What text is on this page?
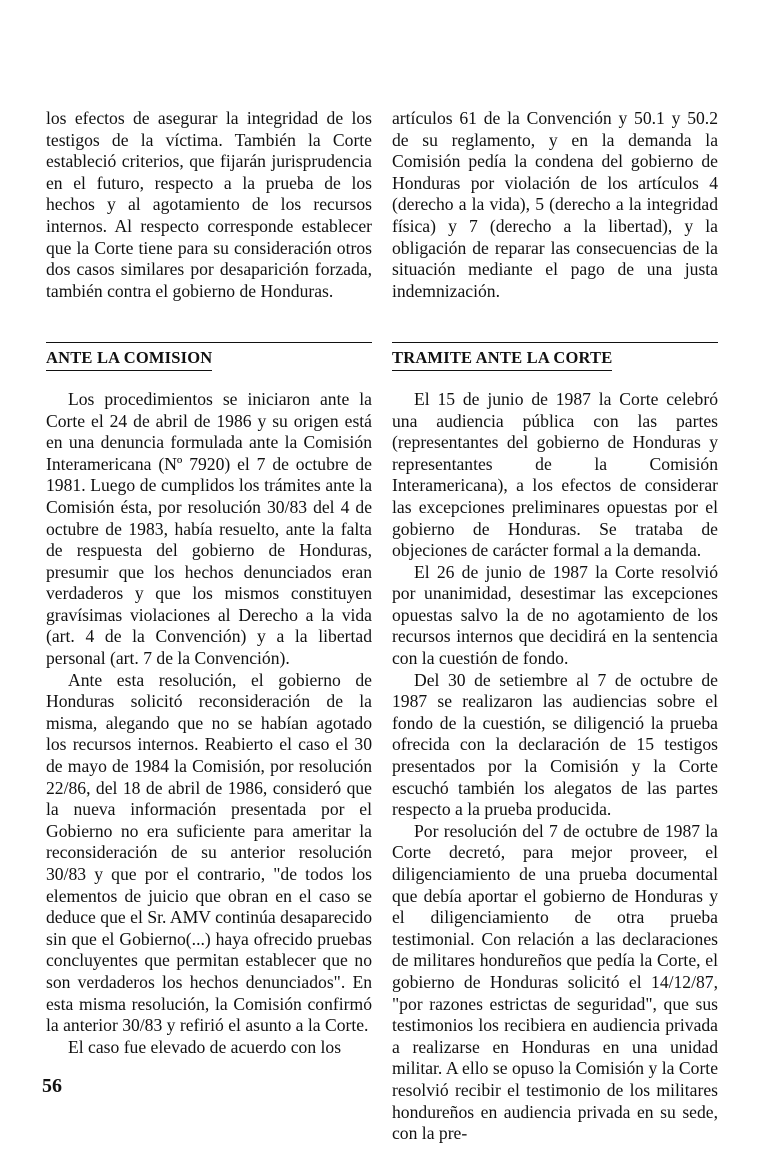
los efectos de asegurar la integridad de los testigos de la víctima. También la Corte estableció criterios, que fijarán jurisprudencia en el futuro, respecto a la prueba de los hechos y al agotamiento de los recursos internos. Al respecto corresponde establecer que la Corte tiene para su consideración otros dos casos similares por desaparición forzada, también contra el gobierno de Honduras.

ANTE LA COMISION

Los procedimientos se iniciaron ante la Corte el 24 de abril de 1986 y su origen está en una denuncia formulada ante la Comisión Interamericana (Nº 7920) el 7 de octubre de 1981. Luego de cumplidos los trámites ante la Comisión ésta, por resolución 30/83 del 4 de octubre de 1983, había resuelto, ante la falta de respuesta del gobierno de Honduras, presumir que los hechos denunciados eran verdaderos y que los mismos constituyen gravísimas violaciones al Derecho a la vida (art. 4 de la Convención) y a la libertad personal (art. 7 de la Convención).

Ante esta resolución, el gobierno de Honduras solicitó reconsideración de la misma, alegando que no se habían agotado los recursos internos. Reabierto el caso el 30 de mayo de 1984 la Comisión, por resolución 22/86, del 18 de abril de 1986, consideró que la nueva información presentada por el Gobierno no era suficiente para ameritar la reconsideración de su anterior resolución 30/83 y que por el contrario, "de todos los elementos de juicio que obran en el caso se deduce que el Sr. AMV continúa desaparecido sin que el Gobierno(...) haya ofrecido pruebas concluyentes que permitan establecer que no son verdaderos los hechos denunciados". En esta misma resolución, la Comisión confirmó la anterior 30/83 y refirió el asunto a la Corte.

El caso fue elevado de acuerdo con los

artículos 61 de la Convención y 50.1 y 50.2 de su reglamento, y en la demanda la Comisión pedía la condena del gobierno de Honduras por violación de los artículos 4 (derecho a la vida), 5 (derecho a la integridad física) y 7 (derecho a la libertad), y la obligación de reparar las consecuencias de la situación mediante el pago de una justa indemnización.

TRAMITE ANTE LA CORTE

El 15 de junio de 1987 la Corte celebró una audiencia pública con las partes (representantes del gobierno de Honduras y representantes de la Comisión Interamericana), a los efectos de considerar las excepciones preliminares opuestas por el gobierno de Honduras. Se trataba de objeciones de carácter formal a la demanda.

El 26 de junio de 1987 la Corte resolvió por unanimidad, desestimar las excepciones opuestas salvo la de no agotamiento de los recursos internos que decidirá en la sentencia con la cuestión de fondo.

Del 30 de setiembre al 7 de octubre de 1987 se realizaron las audiencias sobre el fondo de la cuestión, se diligenció la prueba ofrecida con la declaración de 15 testigos presentados por la Comisión y la Corte escuchó también los alegatos de las partes respecto a la prueba producida.

Por resolución del 7 de octubre de 1987 la Corte decretó, para mejor proveer, el diligenciamiento de una prueba documental que debía aportar el gobierno de Honduras y el diligenciamiento de otra prueba testimonial. Con relación a las declaraciones de militares hondureños que pedía la Corte, el gobierno de Honduras solicitó el 14/12/87, "por razones estrictas de seguridad", que sus testimonios los recibiera en audiencia privada a realizarse en Honduras en una unidad militar. A ello se opuso la Comisión y la Corte resolvió recibir el testimonio de los militares hondureños en audiencia privada en su sede, con la pre-

56
